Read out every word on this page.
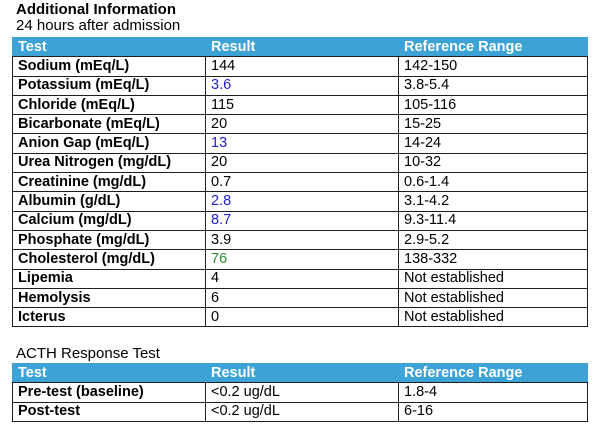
Additional Information
24 hours after admission
Test	Result	Reference Range
Sodium (mEq/L)	144	142-150
Potassium (mEq/L)	3.6	3.8-5.4
Chloride (mEq/L)	115	105-116
Bicarbonate (mEq/L)	20	15-25
Anion Gap (mEq/L)	13	14-24
Urea Nitrogen (mg/dL)	20	10-32
Creatinine (mg/dL)	0.7	0.6-1.4
Albumin (g/dL)	2.8	3.1-4.2
Calcium (mg/dL)	8.7	9.3-11.4
Phosphate (mg/dL)	3.9	2.9-5.2
Cholesterol (mg/dL)	76	138-332
Lipemia	4	Not established
Hemolysis	6	Not established
Icterus	0	Not established
ACTH Response Test
Test	Result	Reference Range
Pre-test (baseline)	<0.2 ug/dL	1.8-4
Post-test	<0.2 ug/dL	6-16
